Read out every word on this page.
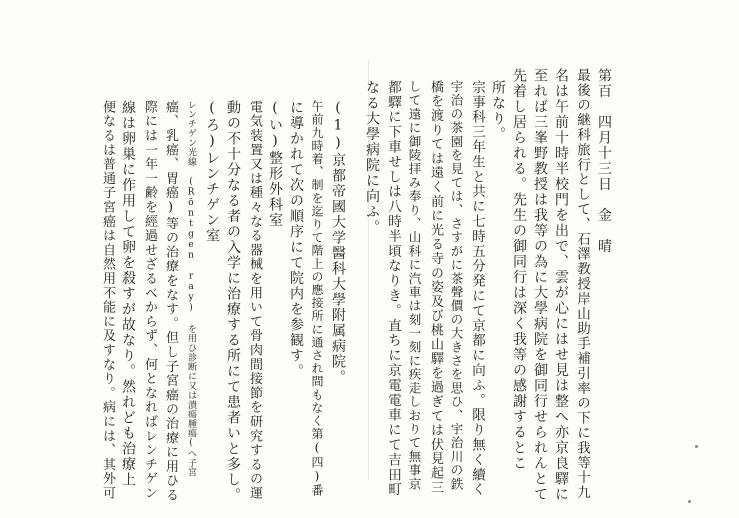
第百　四月十三日　金　晴
最後の継科旅行として、石澤教授岸山助手補引率の下に我等十九
名は午前十時半校門を出で、雲が心にはせ見は整へ亦京良驛に
至れば三峯野教授は我等の為に大學病院を御同行せられんとて
先着し居られる。先生の御同行は深く我等の感謝するとこ
所なり。
宗事科三年生と共に七時五分発にて京都に向ふ。限り無く續く
宇治の茶園を見ては、さすがに茶聲價の大きさを思ひ、宇治川の鉄
橋を渡りては遠く前に光る寺の姿及び桃山驛を過ぎては伏見起三
して遠に御陵拝み奉り、山科に汽車は刻一刻に疾走しおりて無事京
都驛に下車せしは八時半頃なりき。直ちに京電電車にて吉田町
なる大學病院に向ふ。
(1)京都帝國大学醫科大學附属病院。
午前九時着、制を迄りて階上の應接所に通され間もなく第(四)番
に導かれて次の順序にて院内を参観す。
(い)整形外科室
電気装置又は種々なる器械を用いて骨肉間接節を研究するの運
動の不十分なる者の入学に治療する所にて患者いと多し。
(ろ)レンチゲン室
レンチゲン光線 (Röntgen ray) を用ひ診断に又は潰瘍腫瘍(へ子宮
癌、乳癌、胃癌)等の治療をなす。但し子宮癌の治療に用ひる
際には一年一齢を經過せざるべからず、何となればレンチゲン
線は卵巣に作用して卵を殺すが故なり。然れども治療上
便なるは普通子宮癌は自然用不能に及すなり。病には、其外可
